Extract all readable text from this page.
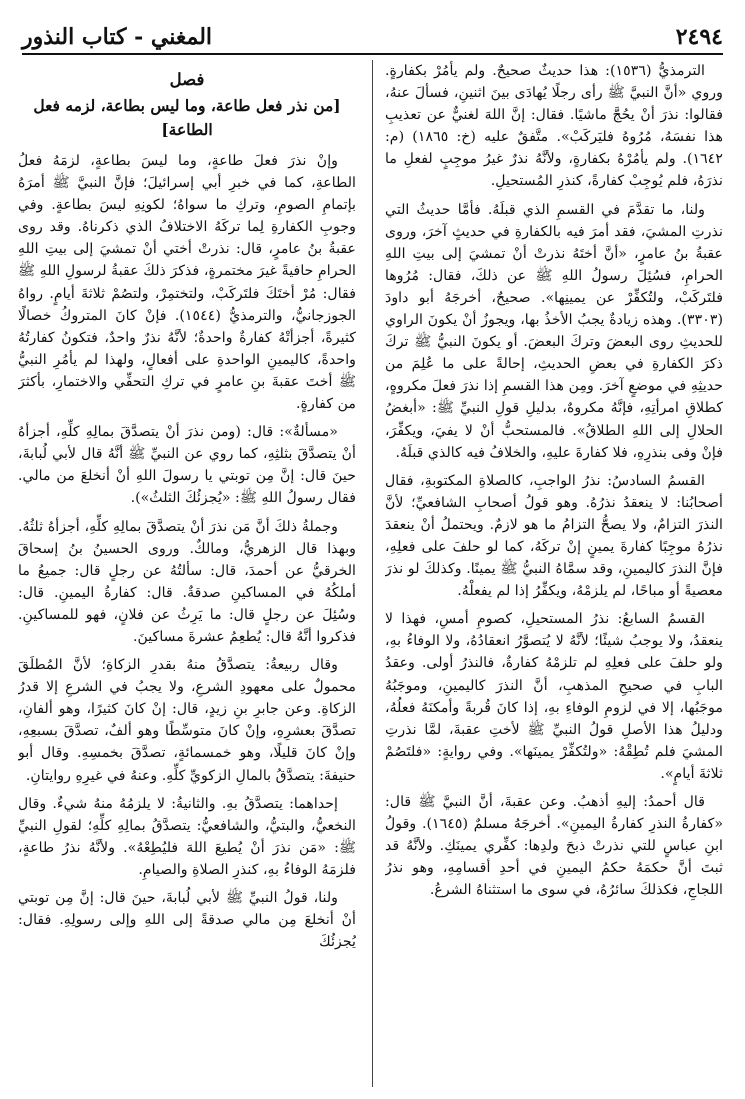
٢٤٩٤
المغني - كتاب النذور

الترمذيُّ (١٥٣٦): هذا حديثٌ صحيحٌ. ولم يأمُرْ بكفارةٍ. وروي «أنَّ النبيَّ ﷺ رأى رجلًا يُهادَى بينَ اثنينِ، فسألَ عنهُ، فقالوا: نذرَ أنْ يحُجَّ ماشيًا. فقال: إنَّ اللهَ لغنيٌّ عن تعذيبِ هذا نفسَهُ، مُرُوهُ فليَركَبْ». متَّفقٌ عليه (خ: ١٨٦٥) (م: ١٦٤٢). ولم يأمُرْهُ بكفارةٍ، ولأنَّهُ نذرٌ غيرُ موجِبٍ لفعلِ ما نذرَهُ، فلم يُوجِبْ كفارةً، كنذرِ المُستحيلِ.

ولنا، ما تقدَّمَ في القسمِ الذي قبلَهُ. فأمَّا حديثُ التي نذرتِ المشيَ، فقد أمرَ فيه بالكفارةِ في حديثٍ آخرَ، وروى عقبةُ بنُ عامرٍ، «أنَّ أختَهُ نذرتْ أنْ تمشيَ إلى بيتِ اللهِ الحرامِ، فسُئِلَ رسولُ اللهِ ﷺ عن ذلكَ، فقال: مُرُوها فلتَركَبْ، ولتُكفِّرْ عن يمينِها». صحيحٌ، أخرجَهُ أبو داودَ (٣٣٠٣). وهذه زيادةٌ يجبُ الأخذُ بها، ويجوزُ أنْ يكونَ الراوي للحديثِ روى البعضَ وتركَ البعضَ. أو يكونَ النبيُّ ﷺ تركَ ذكرَ الكفارةِ في بعضِ الحديثِ، إحالةً على ما عُلِمَ من حديثِهِ في موضعٍ آخرَ. ومِن هذا القسمِ إذا نذرَ فعلَ مكروهٍ، كطلاقِ امرأتِهِ، فإنَّهُ مكروهٌ، بدليلِ قولِ النبيِّ ﷺ: «أبغضُ الحلالِ إلى اللهِ الطلاقُ». فالمستحبُّ أنْ لا يفيَ، ويكفِّرَ، فإنْ وفى بنذرِهِ، فلا كفارةَ عليهِ، والخلافُ فيه كالذي قبلَهُ.

القسمُ السادسُ: نذرُ الواجبِ، كالصلاةِ المكتوبةِ، فقال أصحابُنا: لا ينعقدُ نذرُهُ. وهو قولُ أصحابِ الشافعيِّ؛ لأنَّ النذرَ التزامٌ، ولا يصحُّ التزامُ ما هو لازمٌ. ويحتملُ أنْ ينعقدَ نذرُهُ موجِبًا كفارةَ يمينٍ إنْ تركَهُ، كما لو حلفَ على فعلِهِ، فإنَّ النذرَ كاليمينِ، وقد سمَّاهُ النبيُّ ﷺ يمينًا. وكذلكَ لو نذرَ معصيةً أو مباحًا، لم يلزمْهُ، ويكفِّرُ إذا لم يفعلْهُ.

القسمُ السابعُ: نذرُ المستحيلِ، كصومِ أمسِ، فهذا لا ينعقدُ، ولا يوجبُ شيئًا؛ لأنَّهُ لا يُتصوَّرُ انعقادُهُ، ولا الوفاءُ بهِ، ولو حلفَ على فعلِهِ لم تلزمْهُ كفارةٌ، فالنذرُ أولى. وعقدُ البابِ في صحيحِ المذهبِ، أنَّ النذرَ كاليمينِ، وموجَبُهُ موجَبُها، إلا في لزومِ الوفاءِ بهِ، إذا كانَ قُربةً وأمكنَهُ فعلُهُ، ودليلُ هذا الأصلِ قولُ النبيِّ ﷺ لأختِ عقبةَ، لمَّا نذرتِ المشيَ فلم تُطِقْهُ: «ولتُكفِّرْ يمينَها». وفي روايةٍ: «فلتَصُمْ ثلاثةَ أيامٍ».

قال أحمدُ: إليهِ أذهبُ. وعن عقبةَ، أنَّ النبيَّ ﷺ قال: «كفارةُ النذرِ كفارةُ اليمينِ». أخرجَهُ مسلمٌ (١٦٤٥). وقولُ ابنِ عباسٍ للتي نذرتْ ذبحَ ولدِها: كفِّري يمينَكِ. ولأنَّهُ قد ثبتَ أنَّ حكمَهُ حكمُ اليمينِ في أحدِ أقسامِهِ، وهو نذرُ اللجاجِ، فكذلكَ سائرُهُ، في سوى ما استثناهُ الشرعُ.

فصل
[من نذر فعل طاعة، وما ليس بطاعة، لزمه فعل الطاعة]

وإنْ نذرَ فعلَ طاعةٍ، وما ليسَ بطاعةٍ، لزمَهُ فعلُ الطاعةِ، كما في خبرِ أبي إسرائيلَ؛ فإنَّ النبيَّ ﷺ أمرَهُ بإتمامِ الصومِ، وتركِ ما سواهُ؛ لكونِهِ ليسَ بطاعةٍ. وفي وجوبِ الكفارةِ لِما تركَهُ الاختلافُ الذي ذكرناهُ. وقد روى عقبةُ بنُ عامرٍ، قال: نذرتْ أختي أنْ تمشيَ إلى بيتِ اللهِ الحرامِ حافيةً غيرَ مختمرةٍ، فذكرَ ذلكَ عقبةُ لرسولِ اللهِ ﷺ فقال: مُرْ أختَكَ فلتَركَبْ، ولتختمِرْ، ولتصُمْ ثلاثةَ أيامٍ. رواهُ الجوزجانيُّ، والترمذيُّ (١٥٤٤). فإنْ كانَ المتروكُ خصالًا كثيرةً، أجزأتْهُ كفارةٌ واحدةٌ؛ لأنَّهُ نذرٌ واحدٌ، فتكونُ كفارتُهُ واحدةً، كاليمينِ الواحدةِ على أفعالٍ، ولهذا لم يأمُرِ النبيُّ ﷺ أختَ عقبةَ بنِ عامرٍ في تركِ التحفِّي والاختمارِ، بأكثرَ من كفارةٍ.

«مسألةٌ»: قال: (ومن نذرَ أنْ يتصدَّقَ بمالِهِ كلِّهِ، أجزأهُ أنْ يتصدَّقَ بثلثِهِ، كما روي عن النبيِّ ﷺ أنَّهُ قال لأبي لُبابةَ، حينَ قال: إنَّ مِن توبتي يا رسولَ اللهِ أنْ أنخلعَ من مالي. فقال رسولُ اللهِ ﷺ: «يُجزئُكَ الثلثُ»).

وجملةُ ذلكَ أنَّ مَن نذرَ أنْ يتصدَّقَ بمالِهِ كلِّهِ، أجزأهُ ثلثُهُ. وبهذا قال الزهريُّ، ومالكٌ. وروى الحسينُ بنُ إسحاقَ الخرقيُّ عن أحمدَ، قال: سألتُهُ عن رجلٍ قال: جميعُ ما أملكُهُ في المساكينِ صدقةٌ. قال: كفارةُ اليمينِ. قال: وسُئِلَ عن رجلٍ قال: ما يَرِثُ عن فلانٍ، فهو للمساكينِ. فذكروا أنَّهُ قال: يُطعِمُ عشرةَ مساكينَ.

وقال ربيعةُ: يتصدَّقُ منهُ بقدرِ الزكاةِ؛ لأنَّ المُطلَقَ محمولٌ على معهودِ الشرعِ، ولا يجبُ في الشرعِ إلا قدرُ الزكاةِ. وعن جابرِ بنِ زيدٍ، قال: إنْ كانَ كثيرًا، وهو ألفانِ، تصدَّقَ بعشرِهِ، وإنْ كانَ متوسِّطًا وهو ألفٌ، تصدَّقَ بسبعِهِ، وإنْ كانَ قليلًا، وهو خمسمائةٍ، تصدَّقَ بخمسِهِ. وقال أبو حنيفةَ: يتصدَّقُ بالمالِ الزكويِّ كلِّهِ. وعنهُ في غيرِهِ روايتانِ.

إحداهما: يتصدَّقُ بهِ. والثانيةُ: لا يلزمُهُ منهُ شيءٌ. وقال النخعيُّ، والبتيُّ، والشافعيُّ: يتصدَّقُ بمالِهِ كلِّهِ؛ لقولِ النبيِّ ﷺ: «مَن نذرَ أنْ يُطيعَ اللهَ فليُطِعْهُ». ولأنَّهُ نذرُ طاعةٍ، فلزمَهُ الوفاءُ بهِ، كنذرِ الصلاةِ والصيامِ.

ولنا، قولُ النبيِّ ﷺ لأبي لُبابةَ، حينَ قال: إنَّ مِن توبتي أنْ أنخلعَ مِن مالي صدقةً إلى اللهِ وإلى رسولِهِ. فقال: يُجزئُكَ
